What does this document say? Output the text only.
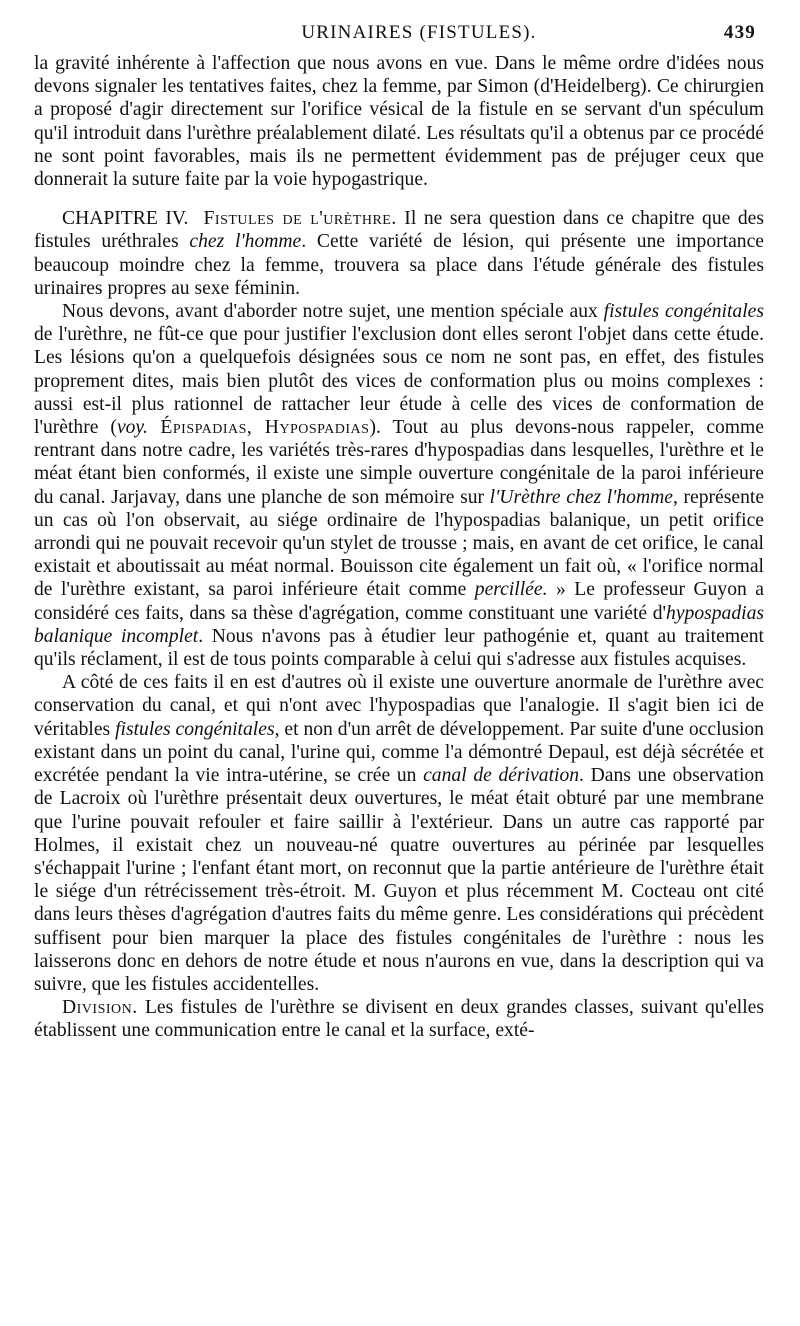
URINAIRES (FISTULES).	439

la gravité inhérente à l'affection que nous avons en vue. Dans le même ordre d'idées nous devons signaler les tentatives faites, chez la femme, par Simon (d'Heidelberg). Ce chirurgien a proposé d'agir directement sur l'orifice vésical de la fistule en se servant d'un spéculum qu'il introduit dans l'urèthre préalablement dilaté. Les résultats qu'il a obtenus par ce procédé ne sont point favorables, mais ils ne permettent évidemment pas de préjuger ceux que donnerait la suture faite par la voie hypogastrique.

CHAPITRE IV. Fistules de l'urèthre. Il ne sera question dans ce chapitre que des fistules uréthrales chez l'homme. Cette variété de lésion, qui présente une importance beaucoup moindre chez la femme, trouvera sa place dans l'étude générale des fistules urinaires propres au sexe féminin.

Nous devons, avant d'aborder notre sujet, une mention spéciale aux fistules congénitales de l'urèthre, ne fût-ce que pour justifier l'exclusion dont elles seront l'objet dans cette étude. Les lésions qu'on a quelquefois désignées sous ce nom ne sont pas, en effet, des fistules proprement dites, mais bien plutôt des vices de conformation plus ou moins complexes : aussi est-il plus rationnel de rattacher leur étude à celle des vices de conformation de l'urèthre (voy. Épispadias, Hypospadias). Tout au plus devons-nous rappeler, comme rentrant dans notre cadre, les variétés très-rares d'hypospadias dans lesquelles, l'urèthre et le méat étant bien conformés, il existe une simple ouverture congénitale de la paroi inférieure du canal. Jarjavay, dans une planche de son mémoire sur l'Urèthre chez l'homme, représente un cas où l'on observait, au siége ordinaire de l'hypospadias balanique, un petit orifice arrondi qui ne pouvait recevoir qu'un stylet de trousse ; mais, en avant de cet orifice, le canal existait et aboutissait au méat normal. Bouisson cite également un fait où, « l'orifice normal de l'urèthre existant, sa paroi inférieure était comme percillée. » Le professeur Guyon a considéré ces faits, dans sa thèse d'agrégation, comme constituant une variété d'hypospadias balanique incomplet. Nous n'avons pas à étudier leur pathogénie et, quant au traitement qu'ils réclament, il est de tous points comparable à celui qui s'adresse aux fistules acquises.

A côté de ces faits il en est d'autres où il existe une ouverture anormale de l'urèthre avec conservation du canal, et qui n'ont avec l'hypospadias que l'analogie. Il s'agit bien ici de véritables fistules congénitales, et non d'un arrêt de développement. Par suite d'une occlusion existant dans un point du canal, l'urine qui, comme l'a démontré Depaul, est déjà sécrétée et excrétée pendant la vie intra-utérine, se crée un canal de dérivation. Dans une observation de Lacroix où l'urèthre présentait deux ouvertures, le méat était obturé par une membrane que l'urine pouvait refouler et faire saillir à l'extérieur. Dans un autre cas rapporté par Holmes, il existait chez un nouveau-né quatre ouvertures au périnée par lesquelles s'échappait l'urine ; l'enfant étant mort, on reconnut que la partie antérieure de l'urèthre était le siége d'un rétrécissement très-étroit. M. Guyon et plus récemment M. Cocteau ont cité dans leurs thèses d'agrégation d'autres faits du même genre. Les considérations qui précèdent suffisent pour bien marquer la place des fistules congénitales de l'urèthre : nous les laisserons donc en dehors de notre étude et nous n'aurons en vue, dans la description qui va suivre, que les fistules accidentelles.

Division. Les fistules de l'urèthre se divisent en deux grandes classes, suivant qu'elles établissent une communication entre le canal et la surface, exté-
